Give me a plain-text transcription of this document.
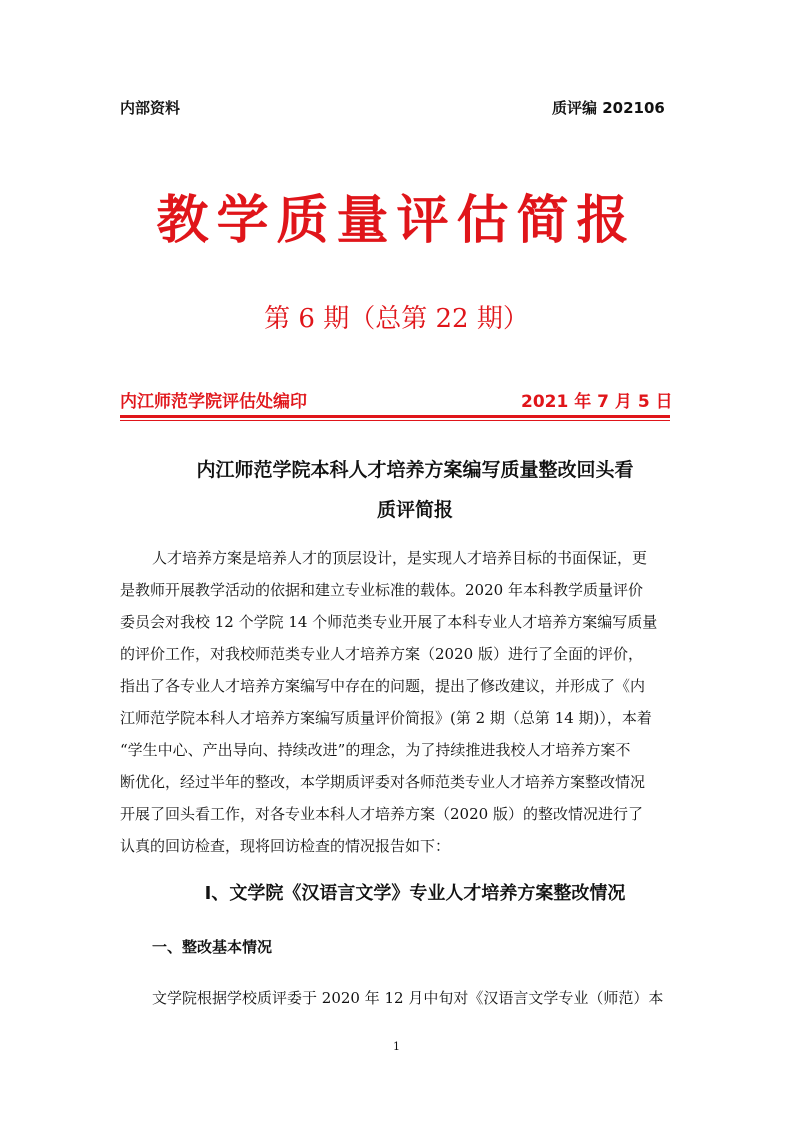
内部资料	质评编 202106
教学质量评估简报
第 6 期（总第 22 期）
内江师范学院评估处编印	2021 年 7 月 5 日
内江师范学院本科人才培养方案编写质量整改回头看
质评简报
人才培养方案是培养人才的顶层设计，是实现人才培养目标的书面保证，更
是教师开展教学活动的依据和建立专业标准的载体。2020 年本科教学质量评价
委员会对我校 12 个学院 14 个师范类专业开展了本科专业人才培养方案编写质量
的评价工作，对我校师范类专业人才培养方案（2020 版）进行了全面的评价，
指出了各专业人才培养方案编写中存在的问题，提出了修改建议，并形成了《内
江师范学院本科人才培养方案编写质量评价简报》(第 2 期（总第 14 期)），本着
“学生中心、产出导向、持续改进”的理念，为了持续推进我校人才培养方案不
断优化，经过半年的整改，本学期质评委对各师范类专业人才培养方案整改情况
开展了回头看工作，对各专业本科人才培养方案（2020 版）的整改情况进行了
认真的回访检查，现将回访检查的情况报告如下：
Ⅰ、文学院《汉语言文学》专业人才培养方案整改情况
一、整改基本情况
文学院根据学校质评委于 2020 年 12 月中旬对《汉语言文学专业（师范）本
1
